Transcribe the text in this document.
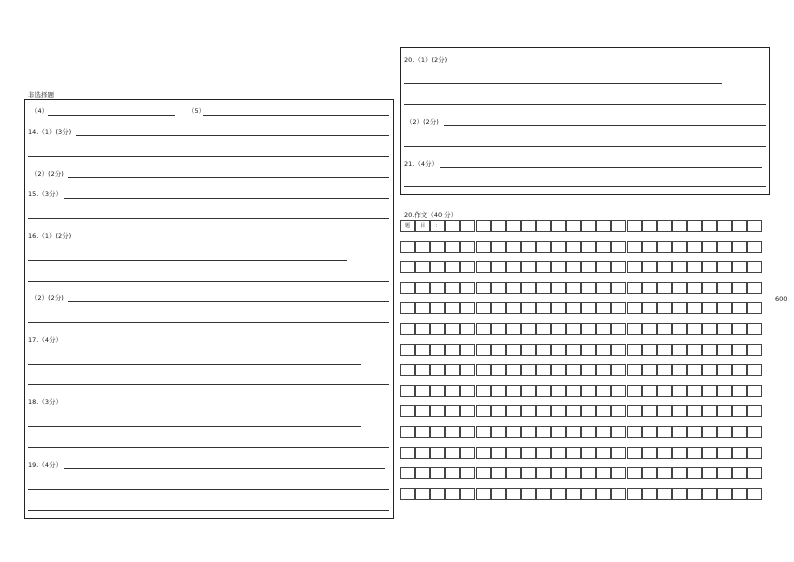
非选择题
（4）	（5）
14.（1）(3分)
（2）(2分)
15.（3分）
16.（1）(2分)
（2）(2分)
17.（4分）
18.（3分）
19.（4分）
20.（1）(2分)
（2）(2分)
21.（4分）
20.作文（40 分）
题	目	：
600
